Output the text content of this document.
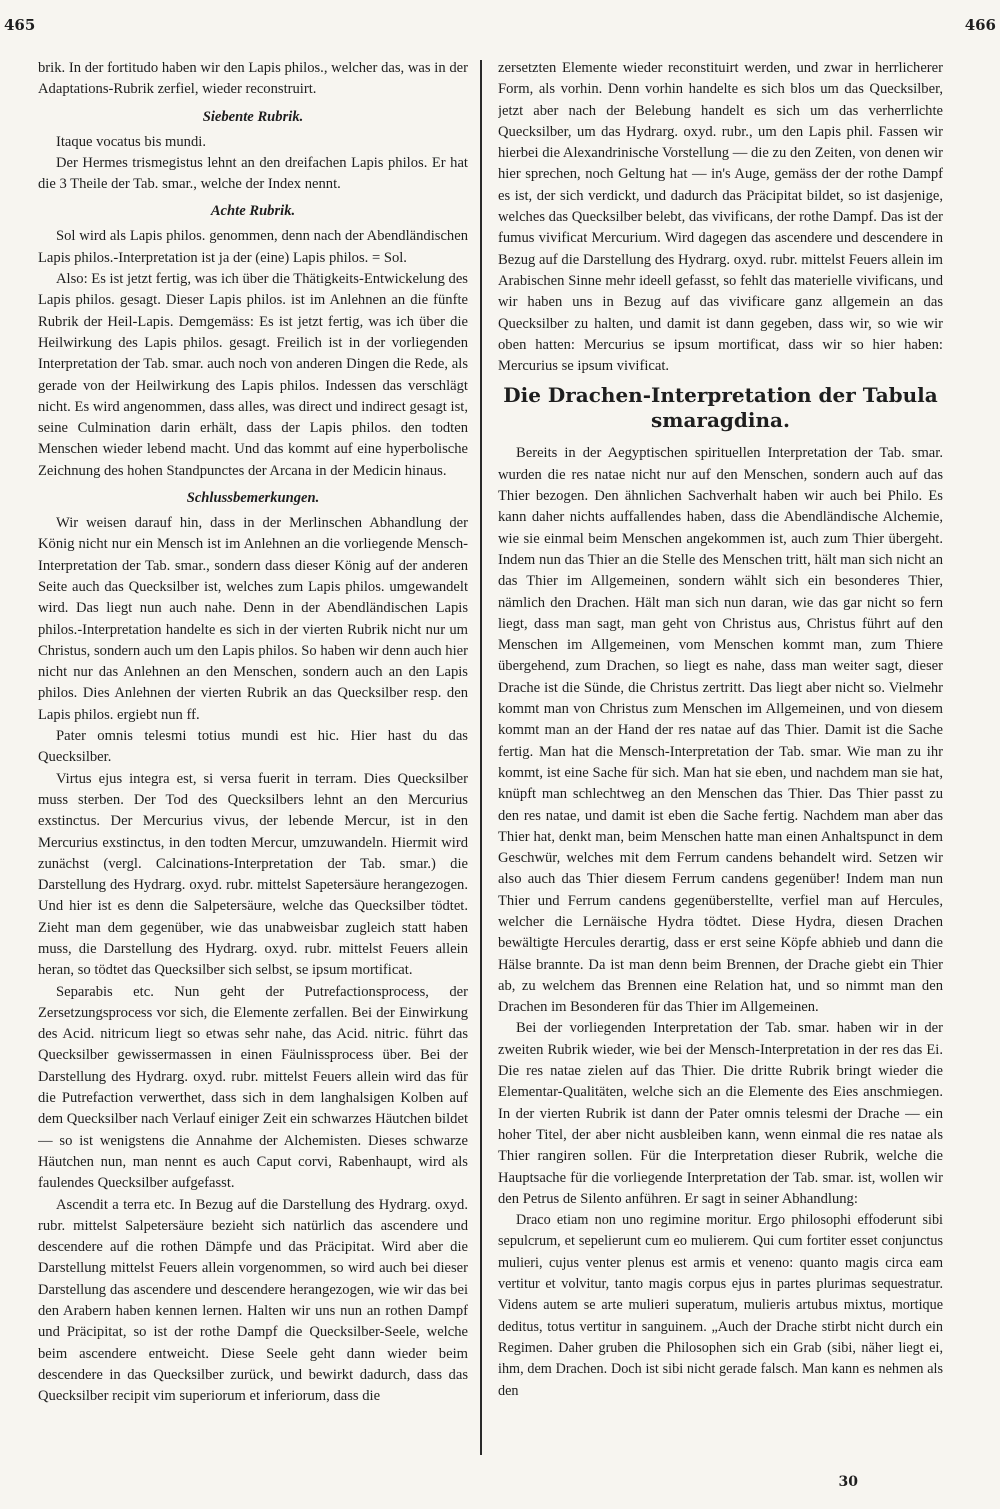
465	466

brik. In der fortitudo haben wir den Lapis philos., welcher das, was in der Adaptations-Rubrik zerfiel, wieder reconstruirt.

Siebente Rubrik.

Itaque vocatus bis mundi.

Der Hermes trismegistus lehnt an den dreifachen Lapis philos. Er hat die 3 Theile der Tab. smar., welche der Index nennt.

Achte Rubrik.

Sol wird als Lapis philos. genommen, denn nach der Abendländischen Lapis philos.-Interpretation ist ja der (eine) Lapis philos. = Sol.

Also: Es ist jetzt fertig, was ich über die Thätigkeits-Entwickelung des Lapis philos. gesagt. Dieser Lapis philos. ist im Anlehnen an die fünfte Rubrik der Heil-Lapis. Demgemäss: Es ist jetzt fertig, was ich über die Heilwirkung des Lapis philos. gesagt. Freilich ist in der vorliegenden Interpretation der Tab. smar. auch noch von anderen Dingen die Rede, als gerade von der Heilwirkung des Lapis philos. Indessen das verschlägt nicht. Es wird angenommen, dass alles, was direct und indirect gesagt ist, seine Culmination darin erhält, dass der Lapis philos. den todten Menschen wieder lebend macht. Und das kommt auf eine hyperbolische Zeichnung des hohen Standpunctes der Arcana in der Medicin hinaus.

Schlussbemerkungen.

Wir weisen darauf hin, dass in der Merlinschen Abhandlung der König nicht nur ein Mensch ist im Anlehnen an die vorliegende Mensch-Interpretation der Tab. smar., sondern dass dieser König auf der anderen Seite auch das Quecksilber ist, welches zum Lapis philos. umgewandelt wird. Das liegt nun auch nahe. Denn in der Abendländischen Lapis philos.-Interpretation handelte es sich in der vierten Rubrik nicht nur um Christus, sondern auch um den Lapis philos. So haben wir denn auch hier nicht nur das Anlehnen an den Menschen, sondern auch an den Lapis philos. Dies Anlehnen der vierten Rubrik an das Quecksilber resp. den Lapis philos. ergiebt nun ff.

Pater omnis telesmi totius mundi est hic. Hier hast du das Quecksilber.

Virtus ejus integra est, si versa fuerit in terram. Dies Quecksilber muss sterben. Der Tod des Quecksilbers lehnt an den Mercurius exstinctus. Der Mercurius vivus, der lebende Mercur, ist in den Mercurius exstinctus, in den todten Mercur, umzuwandeln. Hiermit wird zunächst (vergl. Calcinations-Interpretation der Tab. smar.) die Darstellung des Hydrarg. oxyd. rubr. mittelst Sapetersäure herangezogen. Und hier ist es denn die Salpetersäure, welche das Quecksilber tödtet. Zieht man dem gegenüber, wie das unabweisbar zugleich statt haben muss, die Darstellung des Hydrarg. oxyd. rubr. mittelst Feuers allein heran, so tödtet das Quecksilber sich selbst, se ipsum mortificat.

Separabis etc. Nun geht der Putrefactionsprocess, der Zersetzungsprocess vor sich, die Elemente zerfallen. Bei der Einwirkung des Acid. nitricum liegt so etwas sehr nahe, das Acid. nitric. führt das Quecksilber gewissermassen in einen Fäulnissprocess über. Bei der Darstellung des Hydrarg. oxyd. rubr. mittelst Feuers allein wird das für die Putrefaction verwerthet, dass sich in dem langhalsigen Kolben auf dem Quecksilber nach Verlauf einiger Zeit ein schwarzes Häutchen bildet — so ist wenigstens die Annahme der Alchemisten. Dieses schwarze Häutchen nun, man nennt es auch Caput corvi, Rabenhaupt, wird als faulendes Quecksilber aufgefasst.

Ascendit a terra etc. In Bezug auf die Darstellung des Hydrarg. oxyd. rubr. mittelst Salpetersäure bezieht sich natürlich das ascendere und descendere auf die rothen Dämpfe und das Präcipitat. Wird aber die Darstellung mittelst Feuers allein vorgenommen, so wird auch bei dieser Darstellung das ascendere und descendere herangezogen, wie wir das bei den Arabern haben kennen lernen. Halten wir uns nun an rothen Dampf und Präcipitat, so ist der rothe Dampf die Quecksilber-Seele, welche beim ascendere entweicht. Diese Seele geht dann wieder beim descendere in das Quecksilber zurück, und bewirkt dadurch, dass das Quecksilber recipit vim superiorum et inferiorum, dass die

zersetzten Elemente wieder reconstituirt werden, und zwar in herrlicherer Form, als vorhin. Denn vorhin handelte es sich blos um das Quecksilber, jetzt aber nach der Belebung handelt es sich um das verherrlichte Quecksilber, um das Hydrarg. oxyd. rubr., um den Lapis phil. Fassen wir hierbei die Alexandrinische Vorstellung — die zu den Zeiten, von denen wir hier sprechen, noch Geltung hat — in's Auge, gemäss der der rothe Dampf es ist, der sich verdickt, und dadurch das Präcipitat bildet, so ist dasjenige, welches das Quecksilber belebt, das vivificans, der rothe Dampf. Das ist der fumus vivificat Mercurium. Wird dagegen das ascendere und descendere in Bezug auf die Darstellung des Hydrarg. oxyd. rubr. mittelst Feuers allein im Arabischen Sinne mehr ideell gefasst, so fehlt das materielle vivificans, und wir haben uns in Bezug auf das vivificare ganz allgemein an das Quecksilber zu halten, und damit ist dann gegeben, dass wir, so wie wir oben hatten: Mercurius se ipsum mortificat, dass wir so hier haben: Mercurius se ipsum vivificat.

Die Drachen-Interpretation der Tabula smaragdina.

Bereits in der Aegyptischen spirituellen Interpretation der Tab. smar. wurden die res natae nicht nur auf den Menschen, sondern auch auf das Thier bezogen. Den ähnlichen Sachverhalt haben wir auch bei Philo. Es kann daher nichts auffallendes haben, dass die Abendländische Alchemie, wie sie einmal beim Menschen angekommen ist, auch zum Thier übergeht. Indem nun das Thier an die Stelle des Menschen tritt, hält man sich nicht an das Thier im Allgemeinen, sondern wählt sich ein besonderes Thier, nämlich den Drachen. Hält man sich nun daran, wie das gar nicht so fern liegt, dass man sagt, man geht von Christus aus, Christus führt auf den Menschen im Allgemeinen, vom Menschen kommt man, zum Thiere übergehend, zum Drachen, so liegt es nahe, dass man weiter sagt, dieser Drache ist die Sünde, die Christus zertritt. Das liegt aber nicht so. Vielmehr kommt man von Christus zum Menschen im Allgemeinen, und von diesem kommt man an der Hand der res natae auf das Thier. Damit ist die Sache fertig. Man hat die Mensch-Interpretation der Tab. smar. Wie man zu ihr kommt, ist eine Sache für sich. Man hat sie eben, und nachdem man sie hat, knüpft man schlechtweg an den Menschen das Thier. Das Thier passt zu den res natae, und damit ist eben die Sache fertig. Nachdem man aber das Thier hat, denkt man, beim Menschen hatte man einen Anhaltspunct in dem Geschwür, welches mit dem Ferrum candens behandelt wird. Setzen wir also auch das Thier diesem Ferrum candens gegenüber! Indem man nun Thier und Ferrum candens gegenüberstellte, verfiel man auf Hercules, welcher die Lernäische Hydra tödtet. Diese Hydra, diesen Drachen bewältigte Hercules derartig, dass er erst seine Köpfe abhieb und dann die Hälse brannte. Da ist man denn beim Brennen, der Drache giebt ein Thier ab, zu welchem das Brennen eine Relation hat, und so nimmt man den Drachen im Besonderen für das Thier im Allgemeinen.

Bei der vorliegenden Interpretation der Tab. smar. haben wir in der zweiten Rubrik wieder, wie bei der Mensch-Interpretation in der res das Ei. Die res natae zielen auf das Thier. Die dritte Rubrik bringt wieder die Elementar-Qualitäten, welche sich an die Elemente des Eies anschmiegen. In der vierten Rubrik ist dann der Pater omnis telesmi der Drache — ein hoher Titel, der aber nicht ausbleiben kann, wenn einmal die res natae als Thier rangiren sollen. Für die Interpretation dieser Rubrik, welche die Hauptsache für die vorliegende Interpretation der Tab. smar. ist, wollen wir den Petrus de Silento anführen. Er sagt in seiner Abhandlung:

Draco etiam non uno regimine moritur. Ergo philosophi effoderunt sibi sepulcrum, et sepelierunt cum eo mulierem. Qui cum fortiter esset conjunctus mulieri, cujus venter plenus est armis et veneno: quanto magis circa eam vertitur et volvitur, tanto magis corpus ejus in partes plurimas sequestratur. Videns autem se arte mulieri superatum, mulieris artubus mixtus, mortique deditus, totus vertitur in sanguinem. „Auch der Drache stirbt nicht durch ein Regimen. Daher gruben die Philosophen sich ein Grab (sibi, näher liegt ei, ihm, dem Drachen. Doch ist sibi nicht gerade falsch. Man kann es nehmen als den

30
